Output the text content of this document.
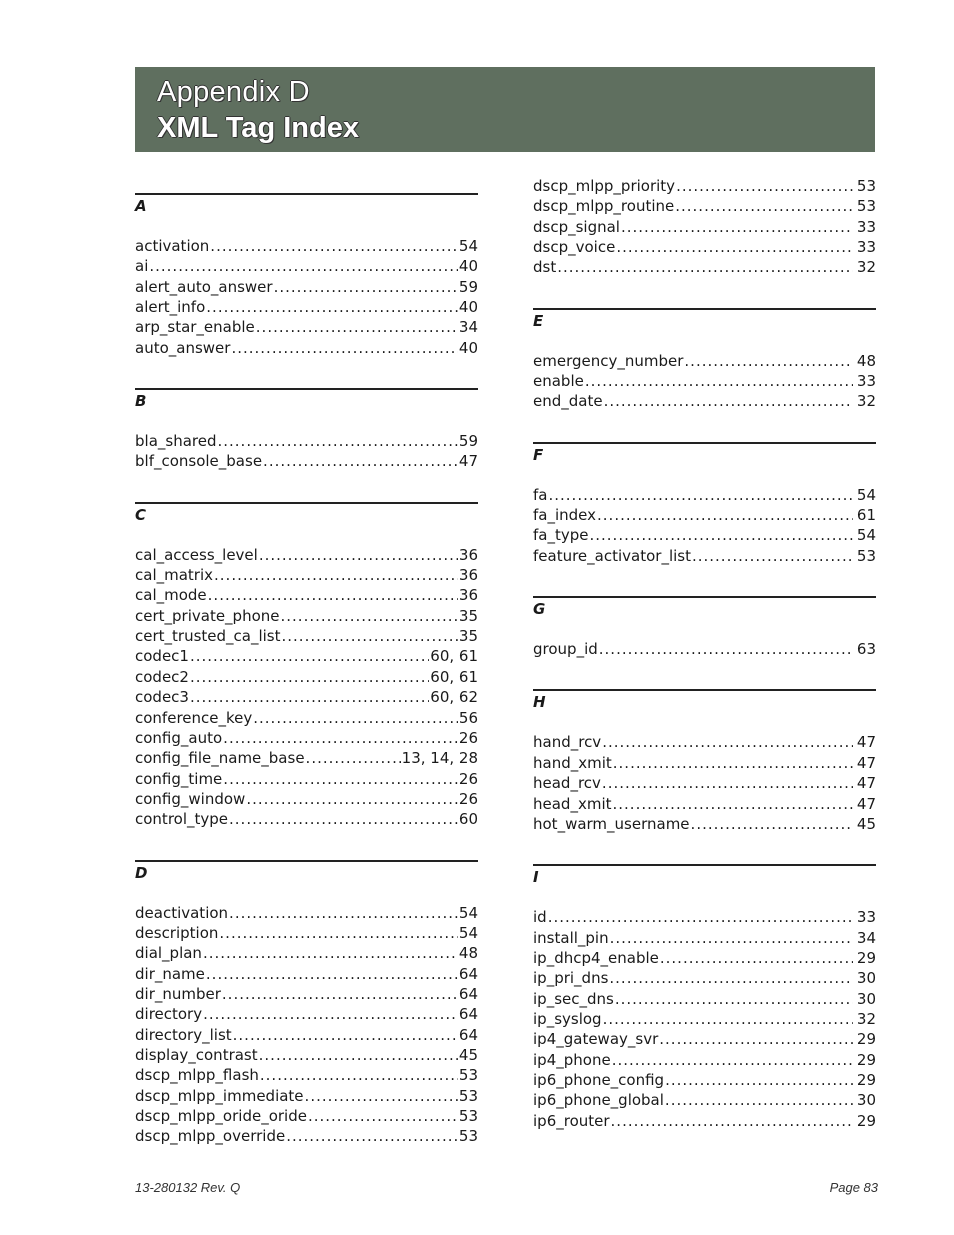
Appendix D
XML Tag Index
A
activation .....	54
ai .....	40
alert_auto_answer .....	59
alert_info .....	40
arp_star_enable .....	34
auto_answer .....	40
B
bla_shared .....	59
blf_console_base .....	47
C
cal_access_level .....	36
cal_matrix .....	36
cal_mode .....	36
cert_private_phone .....	35
cert_trusted_ca_list .....	35
codec1 .....	60, 61
codec2 .....	60, 61
codec3 .....	60, 62
conference_key .....	56
config_auto .....	26
config_file_name_base .....	13, 14, 28
config_time .....	26
config_window .....	26
control_type .....	60
D
deactivation .....	54
description .....	54
dial_plan .....	48
dir_name .....	64
dir_number .....	64
directory .....	64
directory_list .....	64
display_contrast .....	45
dscp_mlpp_flash .....	53
dscp_mlpp_immediate .....	53
dscp_mlpp_oride_oride .....	53
dscp_mlpp_override .....	53
dscp_mlpp_priority .....	53
dscp_mlpp_routine .....	53
dscp_signal .....	33
dscp_voice .....	33
dst .....	32
E
emergency_number .....	48
enable .....	33
end_date .....	32
F
fa .....	54
fa_index .....	61
fa_type .....	54
feature_activator_list .....	53
G
group_id .....	63
H
hand_rcv .....	47
hand_xmit .....	47
head_rcv .....	47
head_xmit .....	47
hot_warm_username .....	45
I
id .....	33
install_pin .....	34
ip_dhcp4_enable .....	29
ip_pri_dns .....	30
ip_sec_dns .....	30
ip_syslog .....	32
ip4_gateway_svr .....	29
ip4_phone .....	29
ip6_phone_config .....	29
ip6_phone_global .....	30
ip6_router .....	29
13-280132 Rev. Q	Page 83
